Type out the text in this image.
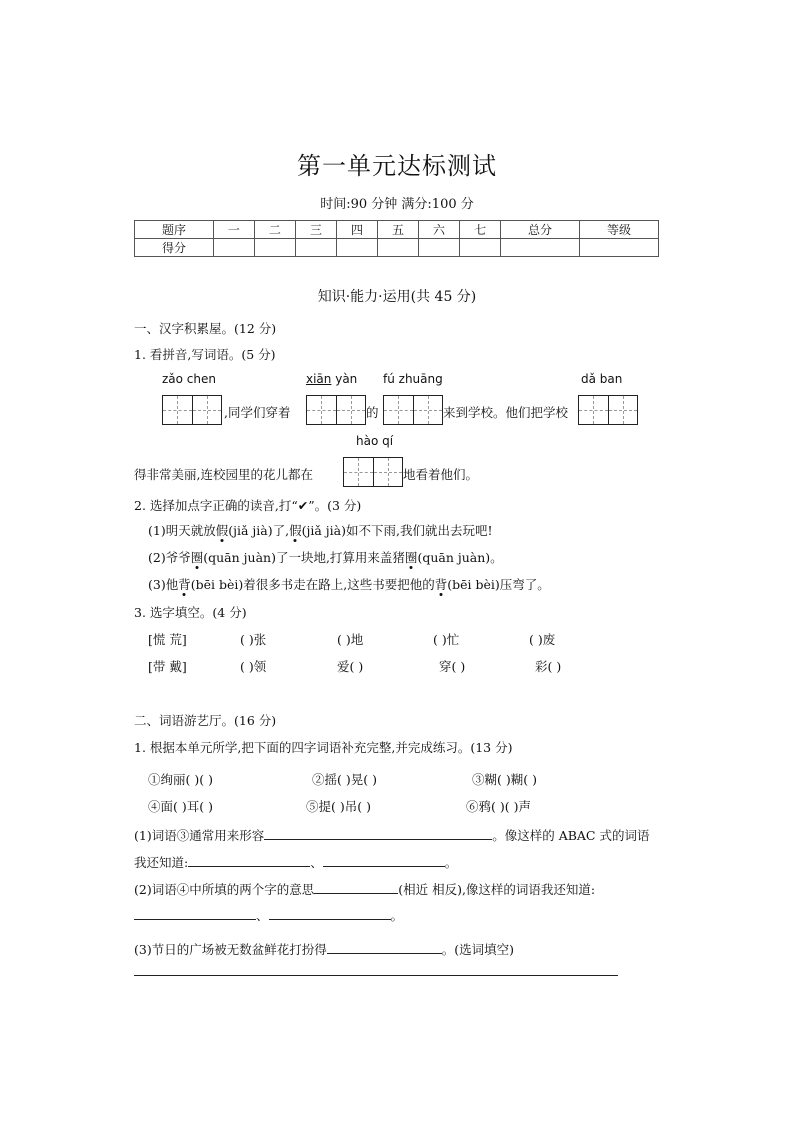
第一单元达标测试
时间:90 分钟 满分:100 分
题序	一	二	三	四	五	六	七	总分	等级
得分									
知识·能力·运用(共 45 分)
一、汉字积累屋。(12 分)
1. 看拼音,写词语。(5 分)
zǎo chen	xiān yàn fú zhuāng	dǎ ban
,同学们穿着	的	来到学校。他们把学校
hào qí
得非常美丽,连校园里的花儿都在	地看着他们。
2. 选择加点字正确的读音,打“✔”。(3 分)
(1)明天就放假(jiǎ jià)了,假(jiǎ jià)如不下雨,我们就出去玩吧!
(2)爷爷圈(quān juàn)了一块地,打算用来盖猪圈(quān juàn)。
(3)他背(bēi bèi)着很多书走在路上,这些书要把他的背(bēi bèi)压弯了。
3. 选字填空。(4 分)
[慌 荒]	( )张	( )地	( )忙	( )废
[带 戴]	( )领	爱( )	穿( )	彩( )
二、词语游艺厅。(16 分)
1. 根据本单元所学,把下面的四字词语补充完整,并完成练习。(13 分)
①绚丽( )( )	②摇( )晃( )	③糊( )糊( )
④面( )耳( )	⑤提( )吊( )	⑥鸦( )( )声
(1)词语③通常用来形容	。像这样的 ABAC 式的词语
我还知道:	、	。
(2)词语④中所填的两个字的意思	(相近 相反),像这样的词语我还知道:
、	。
(3)节日的广场被无数盆鲜花打扮得	。(选词填空)
